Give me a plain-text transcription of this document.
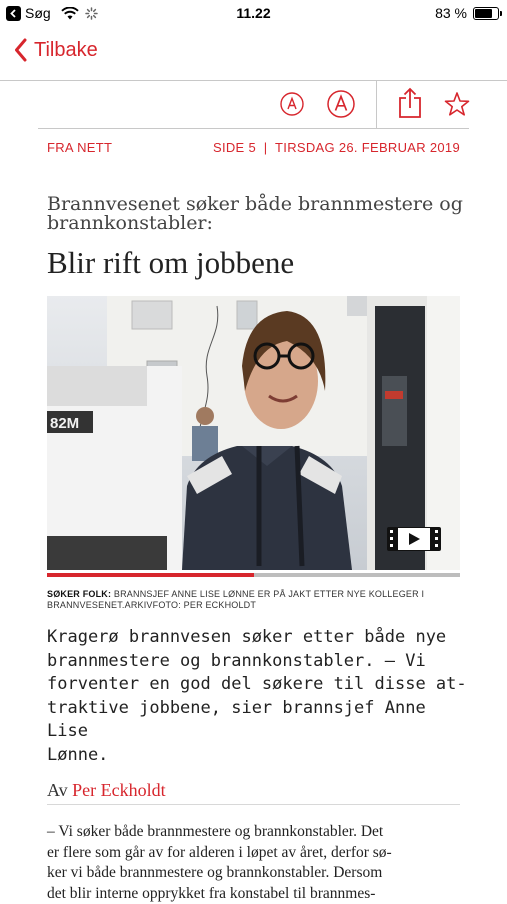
Søg	11.22	83 %
Tilbake
FRA NETT	SIDE 5  |  TIRSDAG 26. FEBRUAR 2019
Brannvesenet søker både brannmestere og brannkonstabler:
Blir rift om jobbene
82M
SØKER FOLK: BRANNSJEF ANNE LISE LØNNE ER PÅ JAKT ETTER NYE KOLLEGER I BRANNVESENET.ARKIVFOTO: PER ECKHOLDT
Kragerø brannvesen søker etter både nye
brannmestere og brannkonstabler. – Vi
forventer en god del søkere til disse at-
traktive jobbene, sier brannsjef Anne Lise
Lønne.
Av Per Eckholdt
– Vi søker både brannmestere og brannkonstabler. Det
er flere som går av for alderen i løpet av året, derfor sø-
ker vi både brannmestere og brannkonstabler. Dersom
det blir interne opprykket fra konstabel til brannmes-
